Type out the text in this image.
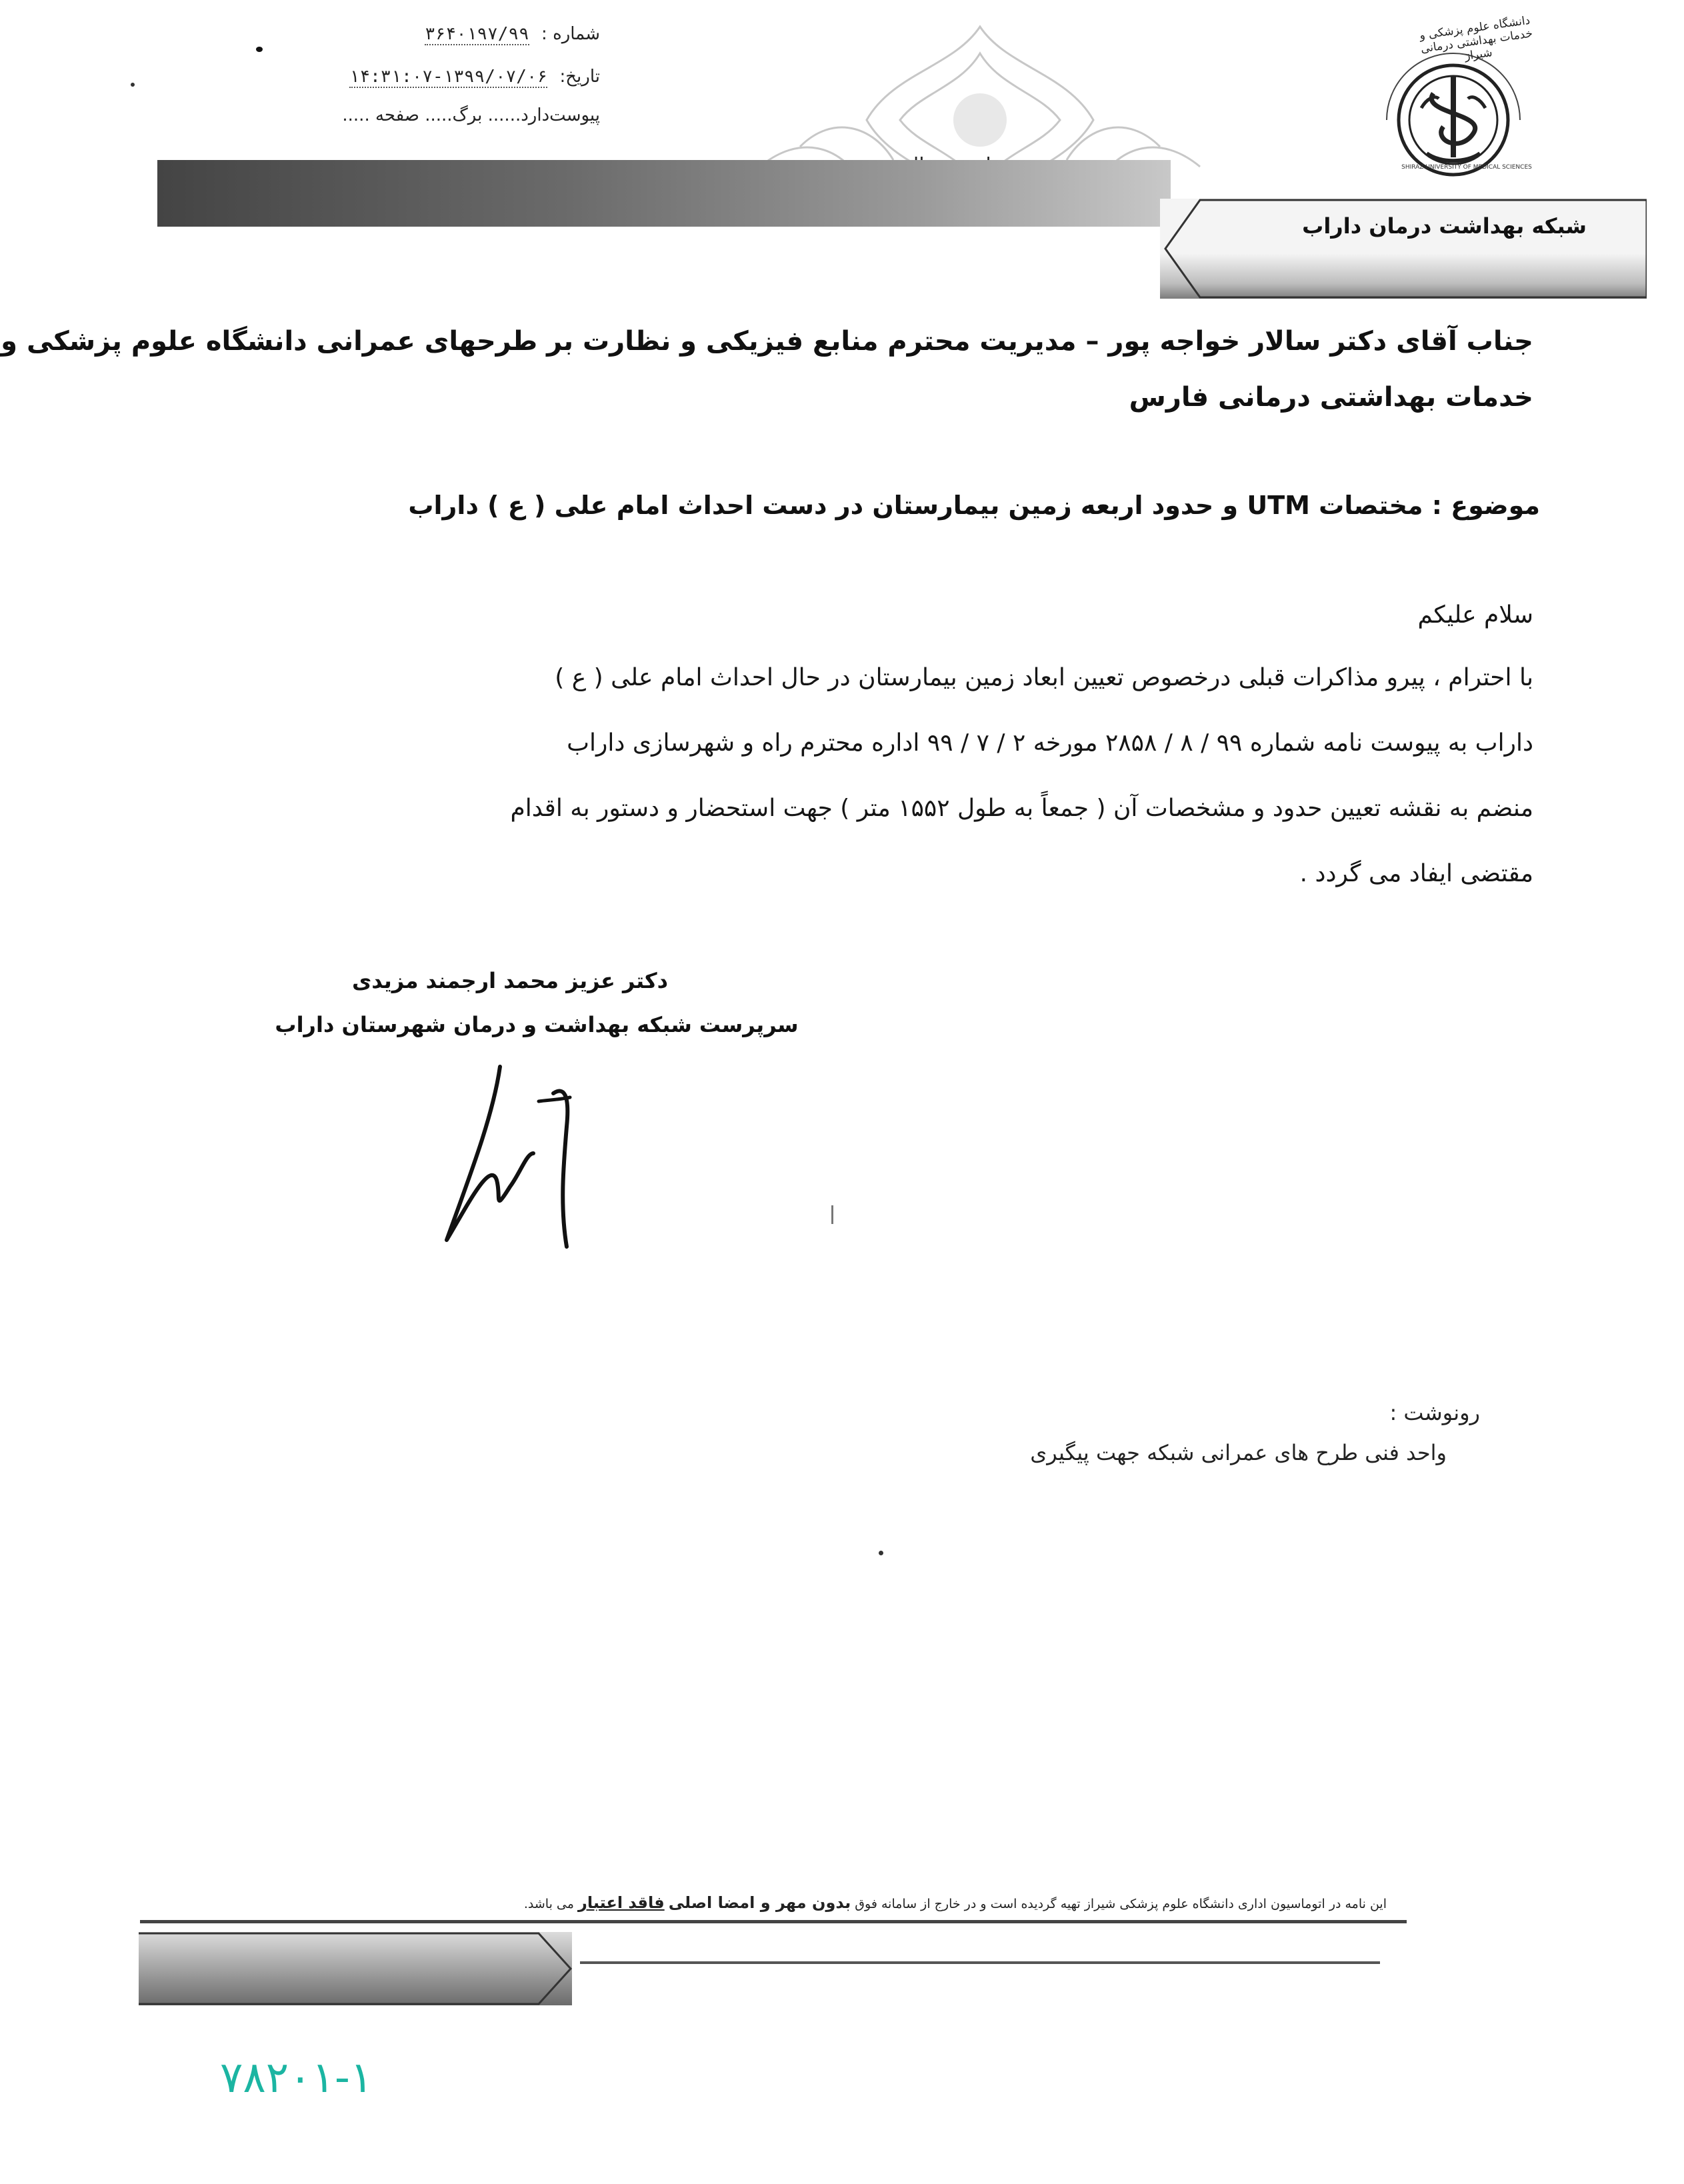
شماره : ۳۶۴۰۱۹۷/۹۹
تاریخ: ۱۳۹۹/۰۷/۰۶-۱۴:۳۱:۰۷
پیوست‌دارد...... برگ..... صفحه .....
دانشگاه علوم پزشکی و خدمات بهداشتی درمانی شیراز
SHIRAZ UNIVERSITY OF MEDICAL SCIENCES
شبکه بهداشت درمان داراب
جناب آقای دکتر سالار خواجه پور – مدیریت محترم منابع فیزیکی و نظارت بر طرحهای عمرانی دانشگاه علوم پزشکی و
خدمات بهداشتی درمانی فارس
موضوع : مختصات UTM و حدود اربعه زمین بیمارستان در دست احداث امام علی ( ع ) داراب
سلام علیکم
با احترام ، پیرو مذاکرات قبلی درخصوص تعیین ابعاد زمین بیمارستان در حال احداث امام علی ( ع )
داراب به پیوست نامه شماره ۹۹ / ۸ / ۲۸۵۸ مورخه ۲ / ۷ / ۹۹ اداره محترم راه و شهرسازی داراب
منضم به نقشه تعیین حدود و مشخصات آن ( جمعاً به طول ۱۵۵۲ متر ) جهت استحضار و دستور به اقدام
مقتضی ایفاد می گردد .
دکتر عزیز محمد ارجمند مزیدی
سرپرست شبکه بهداشت و درمان شهرستان داراب
رونوشت :
واحد فنی طرح های عمرانی شبکه جهت پیگیری
این نامه در اتوماسیون اداری دانشگاه علوم پزشکی شیراز تهیه گردیده است و در خارج از سامانه فوق بدون مهر و امضا اصلی فاقد اعتبار می باشد.
۷۸۲۰۱-۱
